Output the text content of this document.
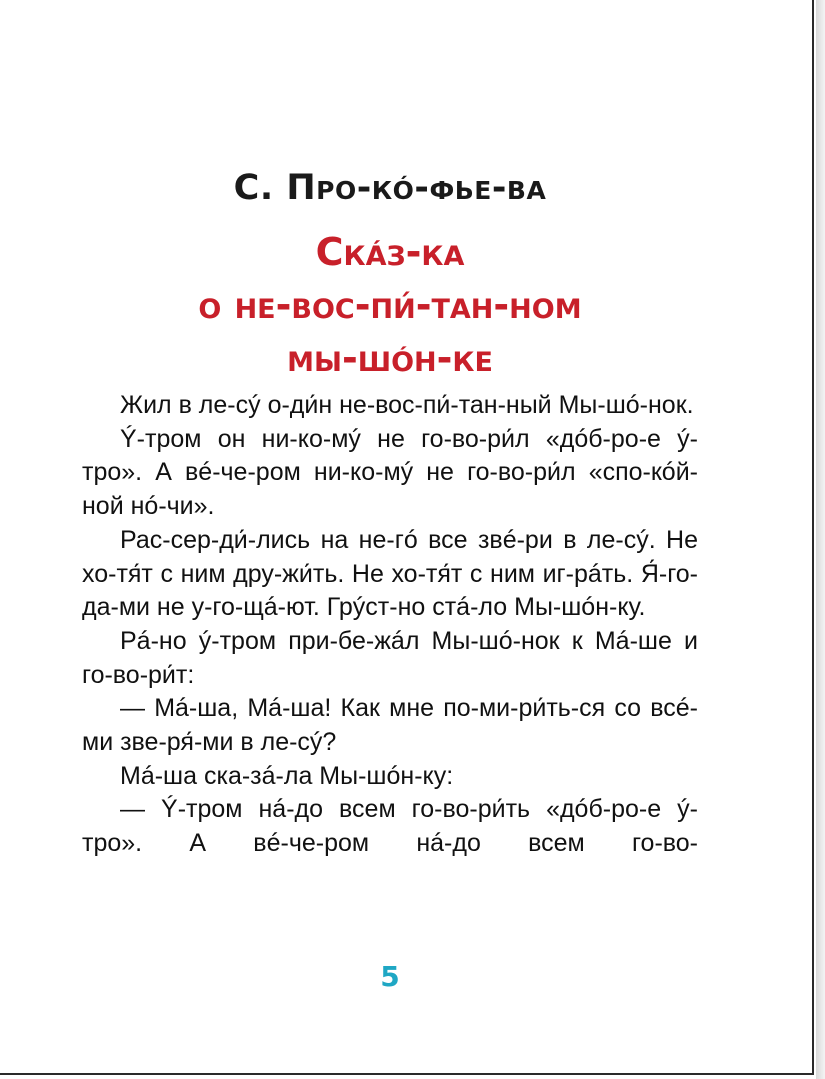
С. Про-кó-фье-ва
Скáз-ка
о не-вос-пи́-тан-ном
мы-шóн-ке

Жил в ле-сý о-ди́н не-вос-пи́-тан-ный Мы-шó-нок.

Ý-тром он ни-ко-мý не го-во-ри́л «дóб-ро-е ý-тро». А вé-че-ром ни-ко-мý не го-во-ри́л «спо-кóй-ной нó-чи».

Рас-сер-ди́-лись на не-гó все звé-ри в ле-сý. Не хо-тя́т с ним дру-жи́ть. Не хо-тя́т с ним иг-рáть. Я́-го-да-ми не у-го-щá-ют. Грýст-но стá-ло Мы-шóн-ку.

Рá-но ý-тром при-бе-жáл Мы-шó-нок к Мá-ше и го-во-ри́т:

— Мá-ша, Мá-ша! Как мне по-ми-ри́ть-ся со всé-ми зве-ря́-ми в ле-сý?

Мá-ша ска-зá-ла Мы-шóн-ку:

— Ý-тром нá-до всем го-во-ри́ть «дóб-ро-е ý-тро». А вé-че-ром нá-до всем го-во-

5
